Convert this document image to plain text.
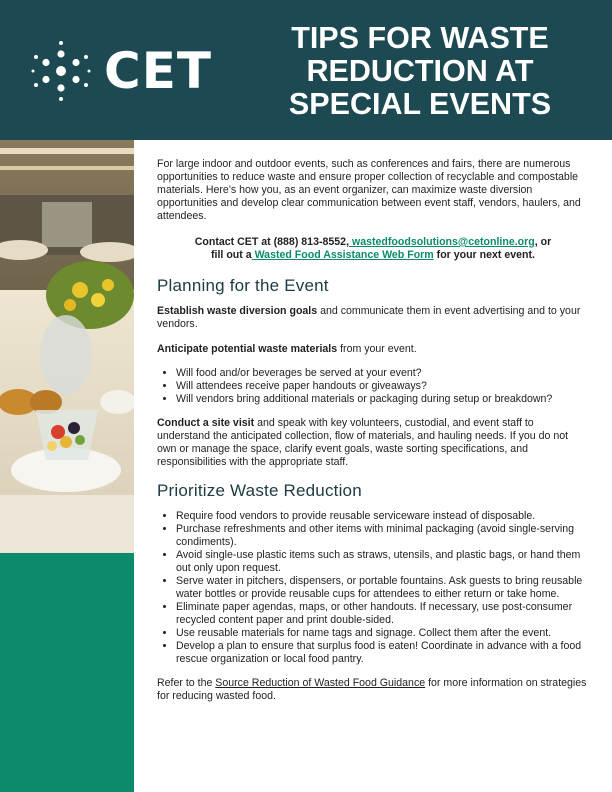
CET
TIPS FOR WASTE
REDUCTION AT
SPECIAL EVENTS

For large indoor and outdoor events, such as conferences and fairs, there are numerous opportunities to reduce waste and ensure proper collection of recyclable and compostable materials. Here's how you, as an event organizer, can maximize waste diversion opportunities and develop clear communication between event staff, vendors, haulers, and attendees.

Contact CET at (888) 813-8552, wastedfoodsolutions@cetonline.org, or
fill out a Wasted Food Assistance Web Form for your next event.
Planning for the Event

Establish waste diversion goals and communicate them in event advertising and to your vendors.

Anticipate potential waste materials from your event.

• Will food and/or beverages be served at your event?
• Will attendees receive paper handouts or giveaways?
• Will vendors bring additional materials or packaging during setup or breakdown?

Conduct a site visit and speak with key volunteers, custodial, and event staff to understand the anticipated collection, flow of materials, and hauling needs. If you do not own or manage the space, clarify event goals, waste sorting specifications, and responsibilities with the appropriate staff.

Prioritize Waste Reduction
• Require food vendors to provide reusable serviceware instead of disposable.
• Purchase refreshments and other items with minimal packaging (avoid single-serving condiments).
• Avoid single-use plastic items such as straws, utensils, and plastic bags, or hand them out only upon request.
• Serve water in pitchers, dispensers, or portable fountains. Ask guests to bring reusable water bottles or provide reusable cups for attendees to either return or take home.
• Eliminate paper agendas, maps, or other handouts. If necessary, use post-consumer recycled content paper and print double-sided.
• Use reusable materials for name tags and signage. Collect them after the event.
• Develop a plan to ensure that surplus food is eaten! Coordinate in advance with a food rescue organization or local food pantry.

Refer to the Source Reduction of Wasted Food Guidance for more information on strategies for reducing wasted food.
